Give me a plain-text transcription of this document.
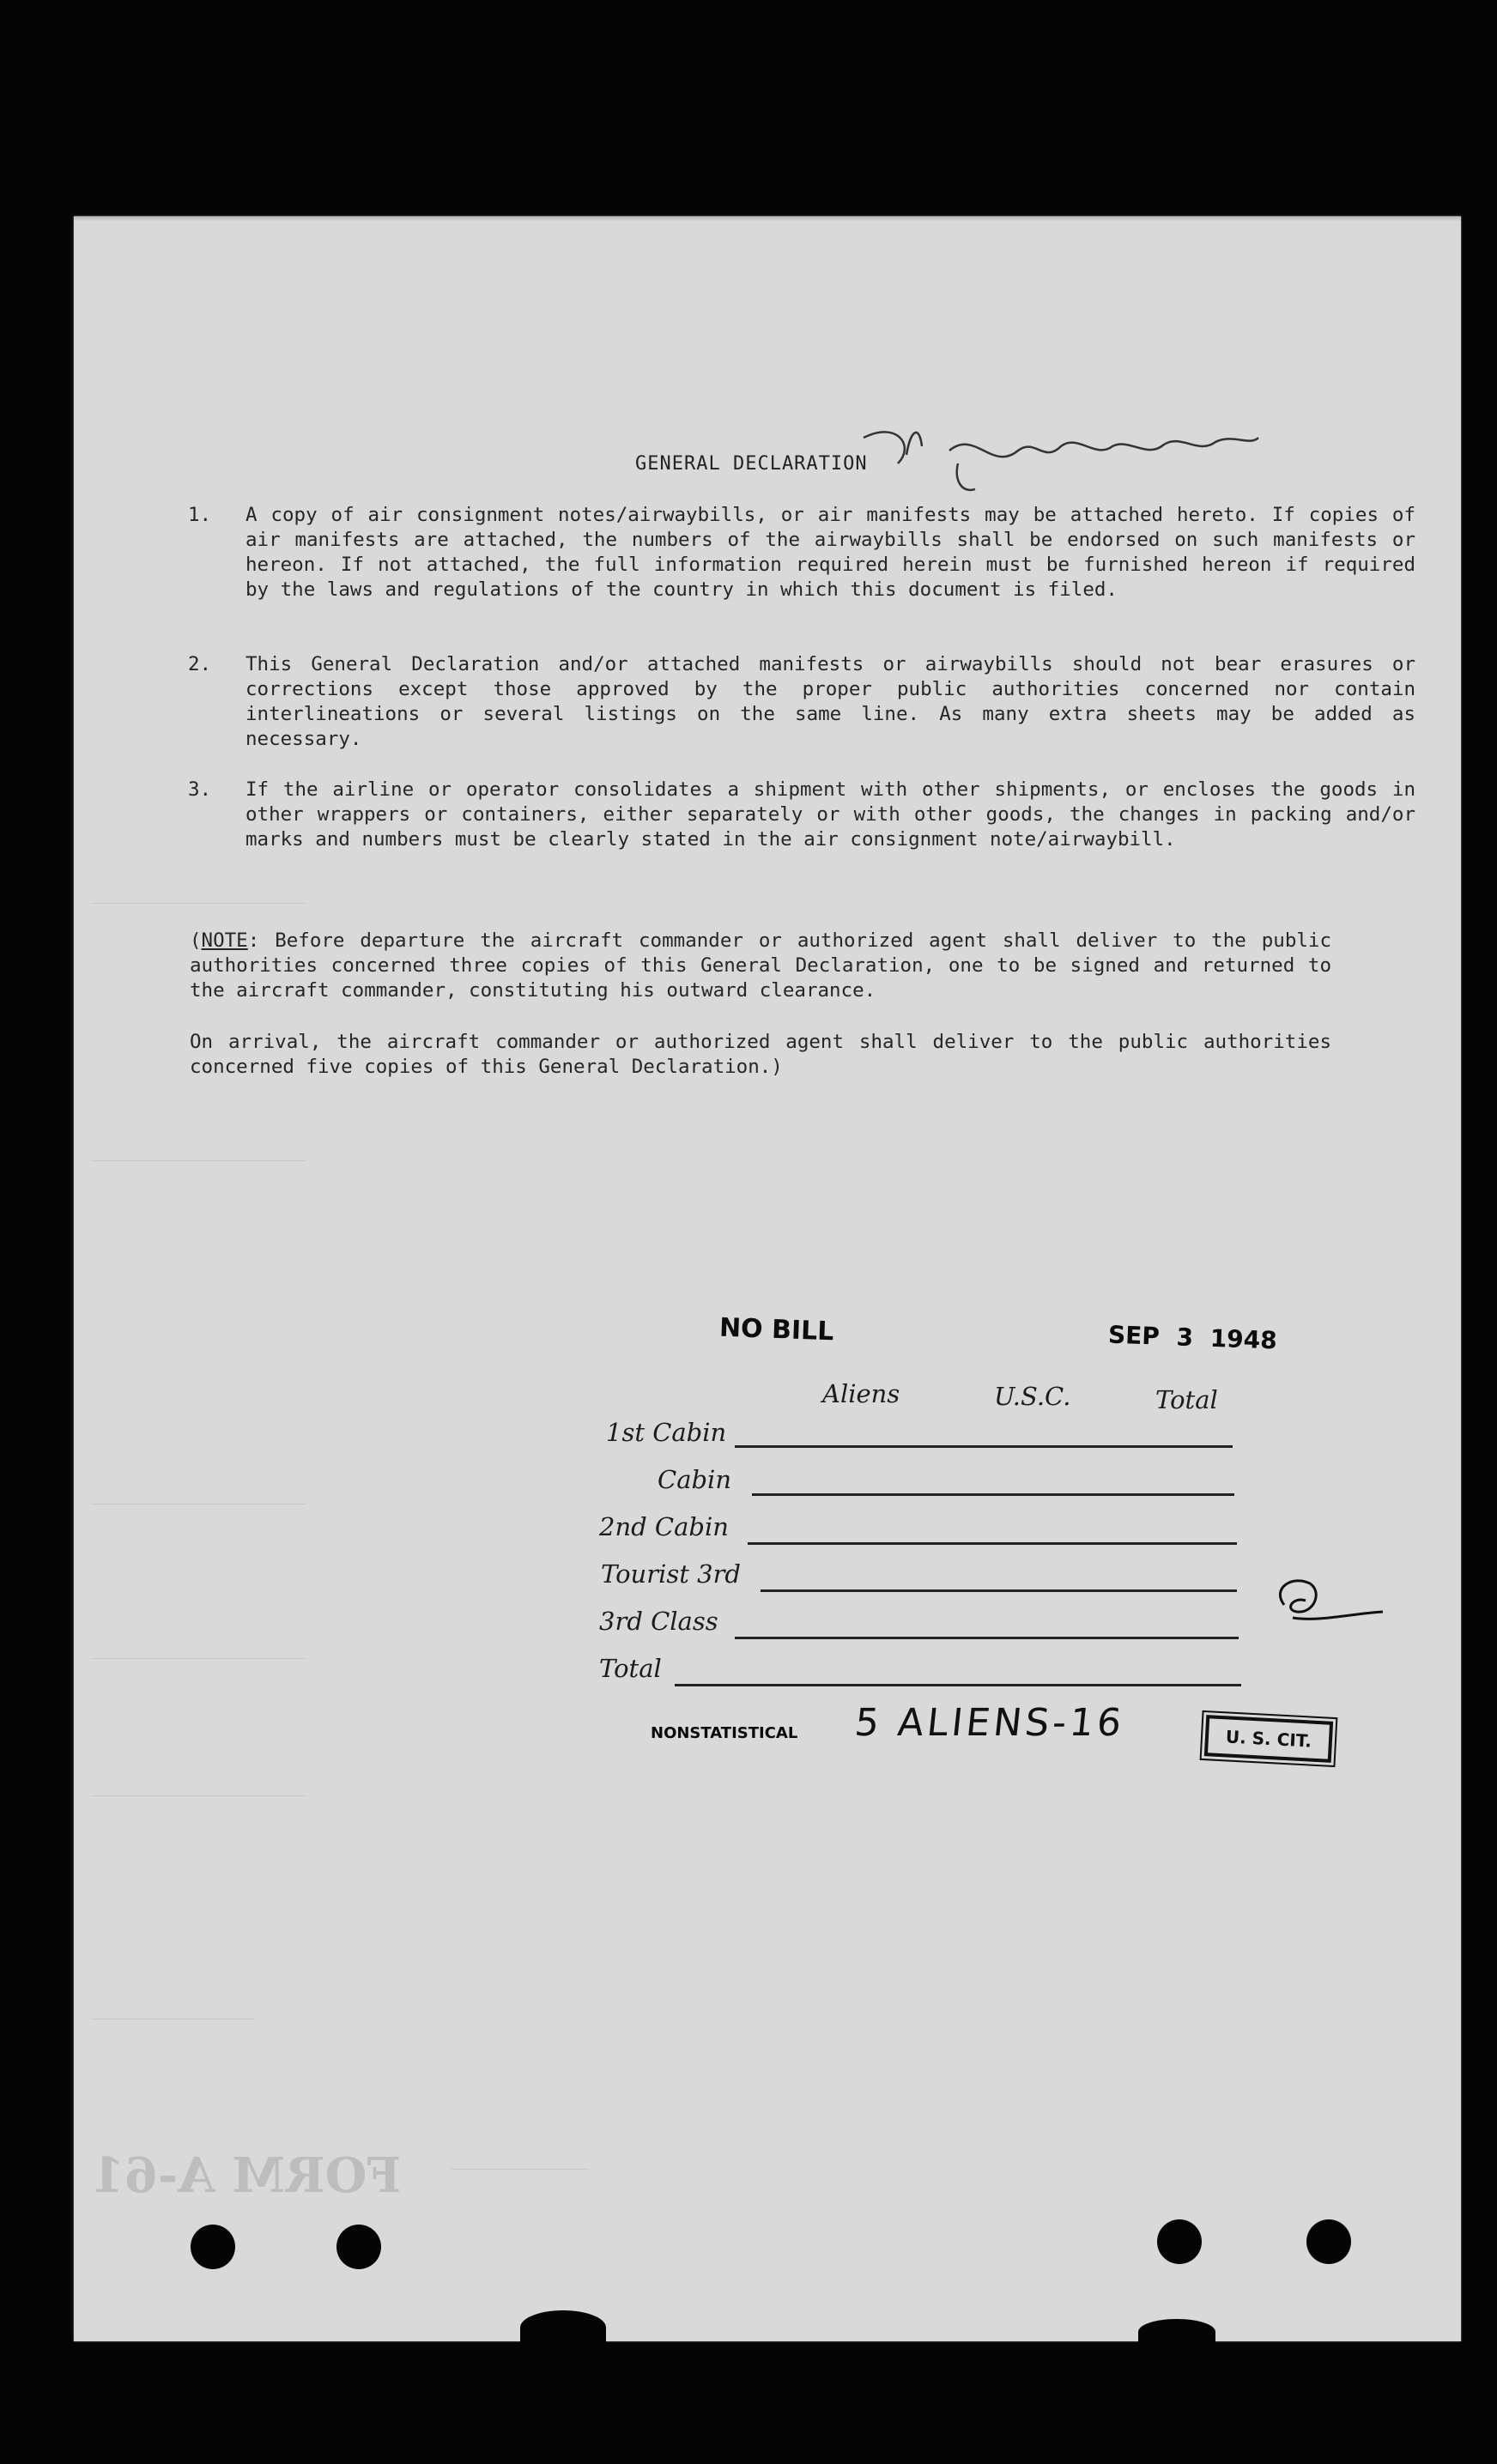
FORM A-61
GENERAL DECLARATION
1. A copy of air consignment notes/airwaybills, or air manifests may be attached hereto. If copies of air manifests are attached, the numbers of the airwaybills shall be endorsed on such manifests or hereon. If not attached, the full information required herein must be furnished hereon if required by the laws and regulations of the country in which this document is filed.
2. This General Declaration and/or attached manifests or airwaybills should not bear erasures or corrections except those approved by the proper public authorities concerned nor contain interlineations or several listings on the same line. As many extra sheets may be added as necessary.
3. If the airline or operator consolidates a shipment with other shipments, or encloses the goods in other wrappers or containers, either separately or with other goods, the changes in packing and/or marks and numbers must be clearly stated in the air consignment note/airwaybill.
(NOTE: Before departure the aircraft commander or authorized agent shall deliver to the public authorities concerned three copies of this General Declaration, one to be signed and returned to the aircraft commander, constituting his outward clearance.
On arrival, the aircraft commander or authorized agent shall deliver to the public authorities concerned five copies of this General Declaration.)
NO BILL	SEP 3 1948
Aliens	U.S.C.	Total
1st Cabin
Cabin
2nd Cabin
Tourist 3rd
3rd Class
Total
NONSTATISTICAL 5 ALIENS-16	U. S. CIT.
